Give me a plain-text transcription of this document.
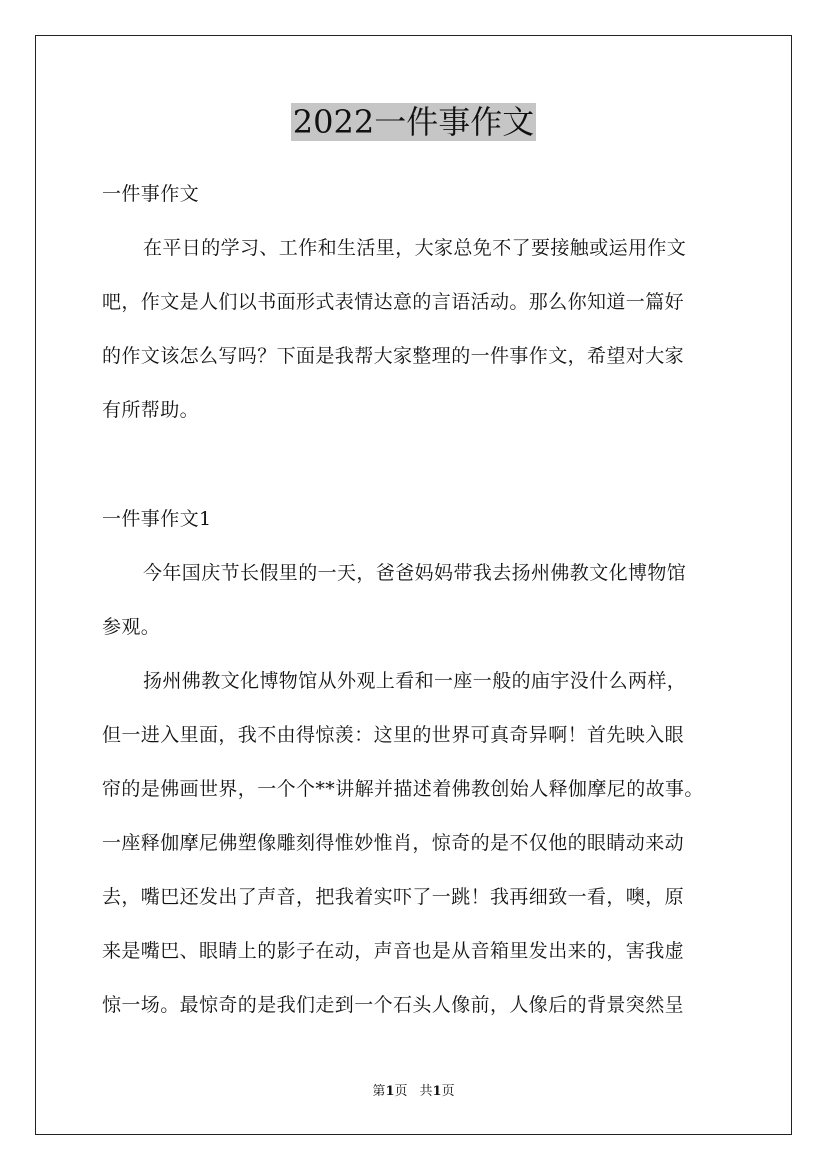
2022一件事作文
一件事作文
在平日的学习、工作和生活里，大家总免不了要接触或运用作文
吧，作文是人们以书面形式表情达意的言语活动。那么你知道一篇好
的作文该怎么写吗？下面是我帮大家整理的一件事作文，希望对大家
有所帮助。
一件事作文1
今年国庆节长假里的一天，爸爸妈妈带我去扬州佛教文化博物馆
参观。
扬州佛教文化博物馆从外观上看和一座一般的庙宇没什么两样，
但一进入里面，我不由得惊羡：这里的世界可真奇异啊！首先映入眼
帘的是佛画世界，一个个**讲解并描述着佛教创始人释伽摩尼的故事。
一座释伽摩尼佛塑像雕刻得惟妙惟肖，惊奇的是不仅他的眼睛动来动
去，嘴巴还发出了声音，把我着实吓了一跳！我再细致一看，噢，原
来是嘴巴、眼睛上的影子在动，声音也是从音箱里发出来的，害我虚
惊一场。最惊奇的是我们走到一个石头人像前，人像后的背景突然呈
第1页 共1页
